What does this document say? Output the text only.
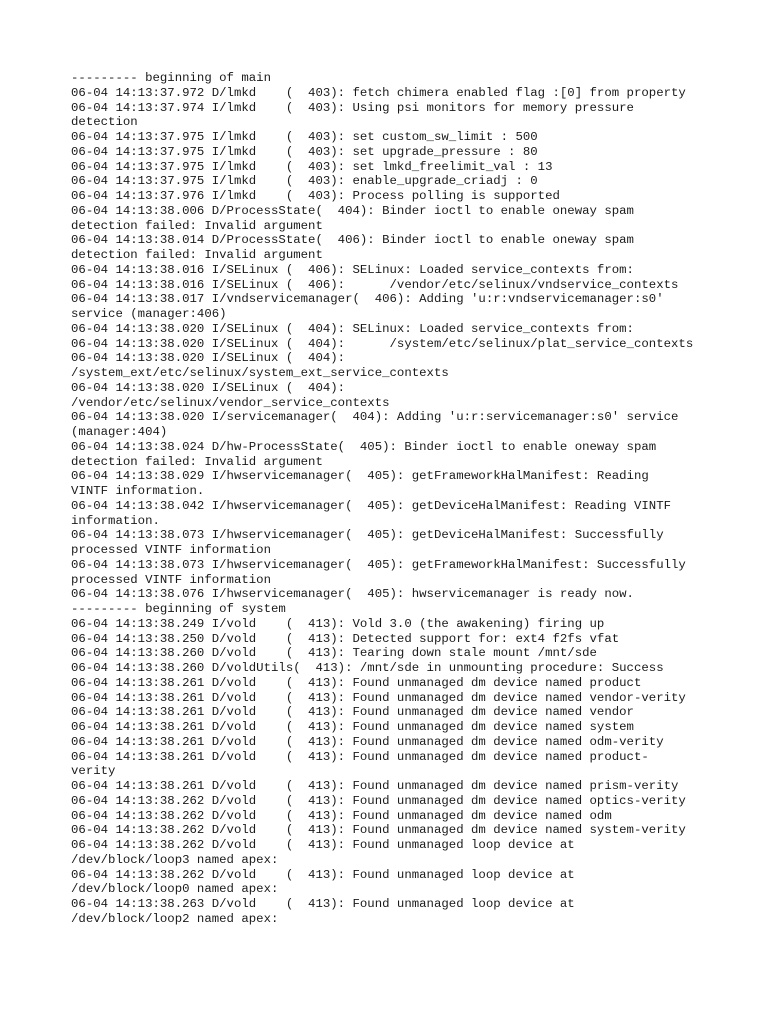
--------- beginning of main
06-04 14:13:37.972 D/lmkd    (  403): fetch chimera enabled flag :[0] from property
06-04 14:13:37.974 I/lmkd    (  403): Using psi monitors for memory pressure
detection
06-04 14:13:37.975 I/lmkd    (  403): set custom_sw_limit : 500
06-04 14:13:37.975 I/lmkd    (  403): set upgrade_pressure : 80
06-04 14:13:37.975 I/lmkd    (  403): set lmkd_freelimit_val : 13
06-04 14:13:37.975 I/lmkd    (  403): enable_upgrade_criadj : 0
06-04 14:13:37.976 I/lmkd    (  403): Process polling is supported
06-04 14:13:38.006 D/ProcessState(  404): Binder ioctl to enable oneway spam
detection failed: Invalid argument
06-04 14:13:38.014 D/ProcessState(  406): Binder ioctl to enable oneway spam
detection failed: Invalid argument
06-04 14:13:38.016 I/SELinux (  406): SELinux: Loaded service_contexts from:
06-04 14:13:38.016 I/SELinux (  406):      /vendor/etc/selinux/vndservice_contexts
06-04 14:13:38.017 I/vndservicemanager(  406): Adding 'u:r:vndservicemanager:s0'
service (manager:406)
06-04 14:13:38.020 I/SELinux (  404): SELinux: Loaded service_contexts from:
06-04 14:13:38.020 I/SELinux (  404):      /system/etc/selinux/plat_service_contexts
06-04 14:13:38.020 I/SELinux (  404):
/system_ext/etc/selinux/system_ext_service_contexts
06-04 14:13:38.020 I/SELinux (  404):
/vendor/etc/selinux/vendor_service_contexts
06-04 14:13:38.020 I/servicemanager(  404): Adding 'u:r:servicemanager:s0' service
(manager:404)
06-04 14:13:38.024 D/hw-ProcessState(  405): Binder ioctl to enable oneway spam
detection failed: Invalid argument
06-04 14:13:38.029 I/hwservicemanager(  405): getFrameworkHalManifest: Reading
VINTF information.
06-04 14:13:38.042 I/hwservicemanager(  405): getDeviceHalManifest: Reading VINTF
information.
06-04 14:13:38.073 I/hwservicemanager(  405): getDeviceHalManifest: Successfully
processed VINTF information
06-04 14:13:38.073 I/hwservicemanager(  405): getFrameworkHalManifest: Successfully
processed VINTF information
06-04 14:13:38.076 I/hwservicemanager(  405): hwservicemanager is ready now.
--------- beginning of system
06-04 14:13:38.249 I/vold    (  413): Vold 3.0 (the awakening) firing up
06-04 14:13:38.250 D/vold    (  413): Detected support for: ext4 f2fs vfat
06-04 14:13:38.260 D/vold    (  413): Tearing down stale mount /mnt/sde
06-04 14:13:38.260 D/voldUtils(  413): /mnt/sde in unmounting procedure: Success
06-04 14:13:38.261 D/vold    (  413): Found unmanaged dm device named product
06-04 14:13:38.261 D/vold    (  413): Found unmanaged dm device named vendor-verity
06-04 14:13:38.261 D/vold    (  413): Found unmanaged dm device named vendor
06-04 14:13:38.261 D/vold    (  413): Found unmanaged dm device named system
06-04 14:13:38.261 D/vold    (  413): Found unmanaged dm device named odm-verity
06-04 14:13:38.261 D/vold    (  413): Found unmanaged dm device named product-
verity
06-04 14:13:38.261 D/vold    (  413): Found unmanaged dm device named prism-verity
06-04 14:13:38.262 D/vold    (  413): Found unmanaged dm device named optics-verity
06-04 14:13:38.262 D/vold    (  413): Found unmanaged dm device named odm
06-04 14:13:38.262 D/vold    (  413): Found unmanaged dm device named system-verity
06-04 14:13:38.262 D/vold    (  413): Found unmanaged loop device at
/dev/block/loop3 named apex:
06-04 14:13:38.262 D/vold    (  413): Found unmanaged loop device at
/dev/block/loop0 named apex:
06-04 14:13:38.263 D/vold    (  413): Found unmanaged loop device at
/dev/block/loop2 named apex:
